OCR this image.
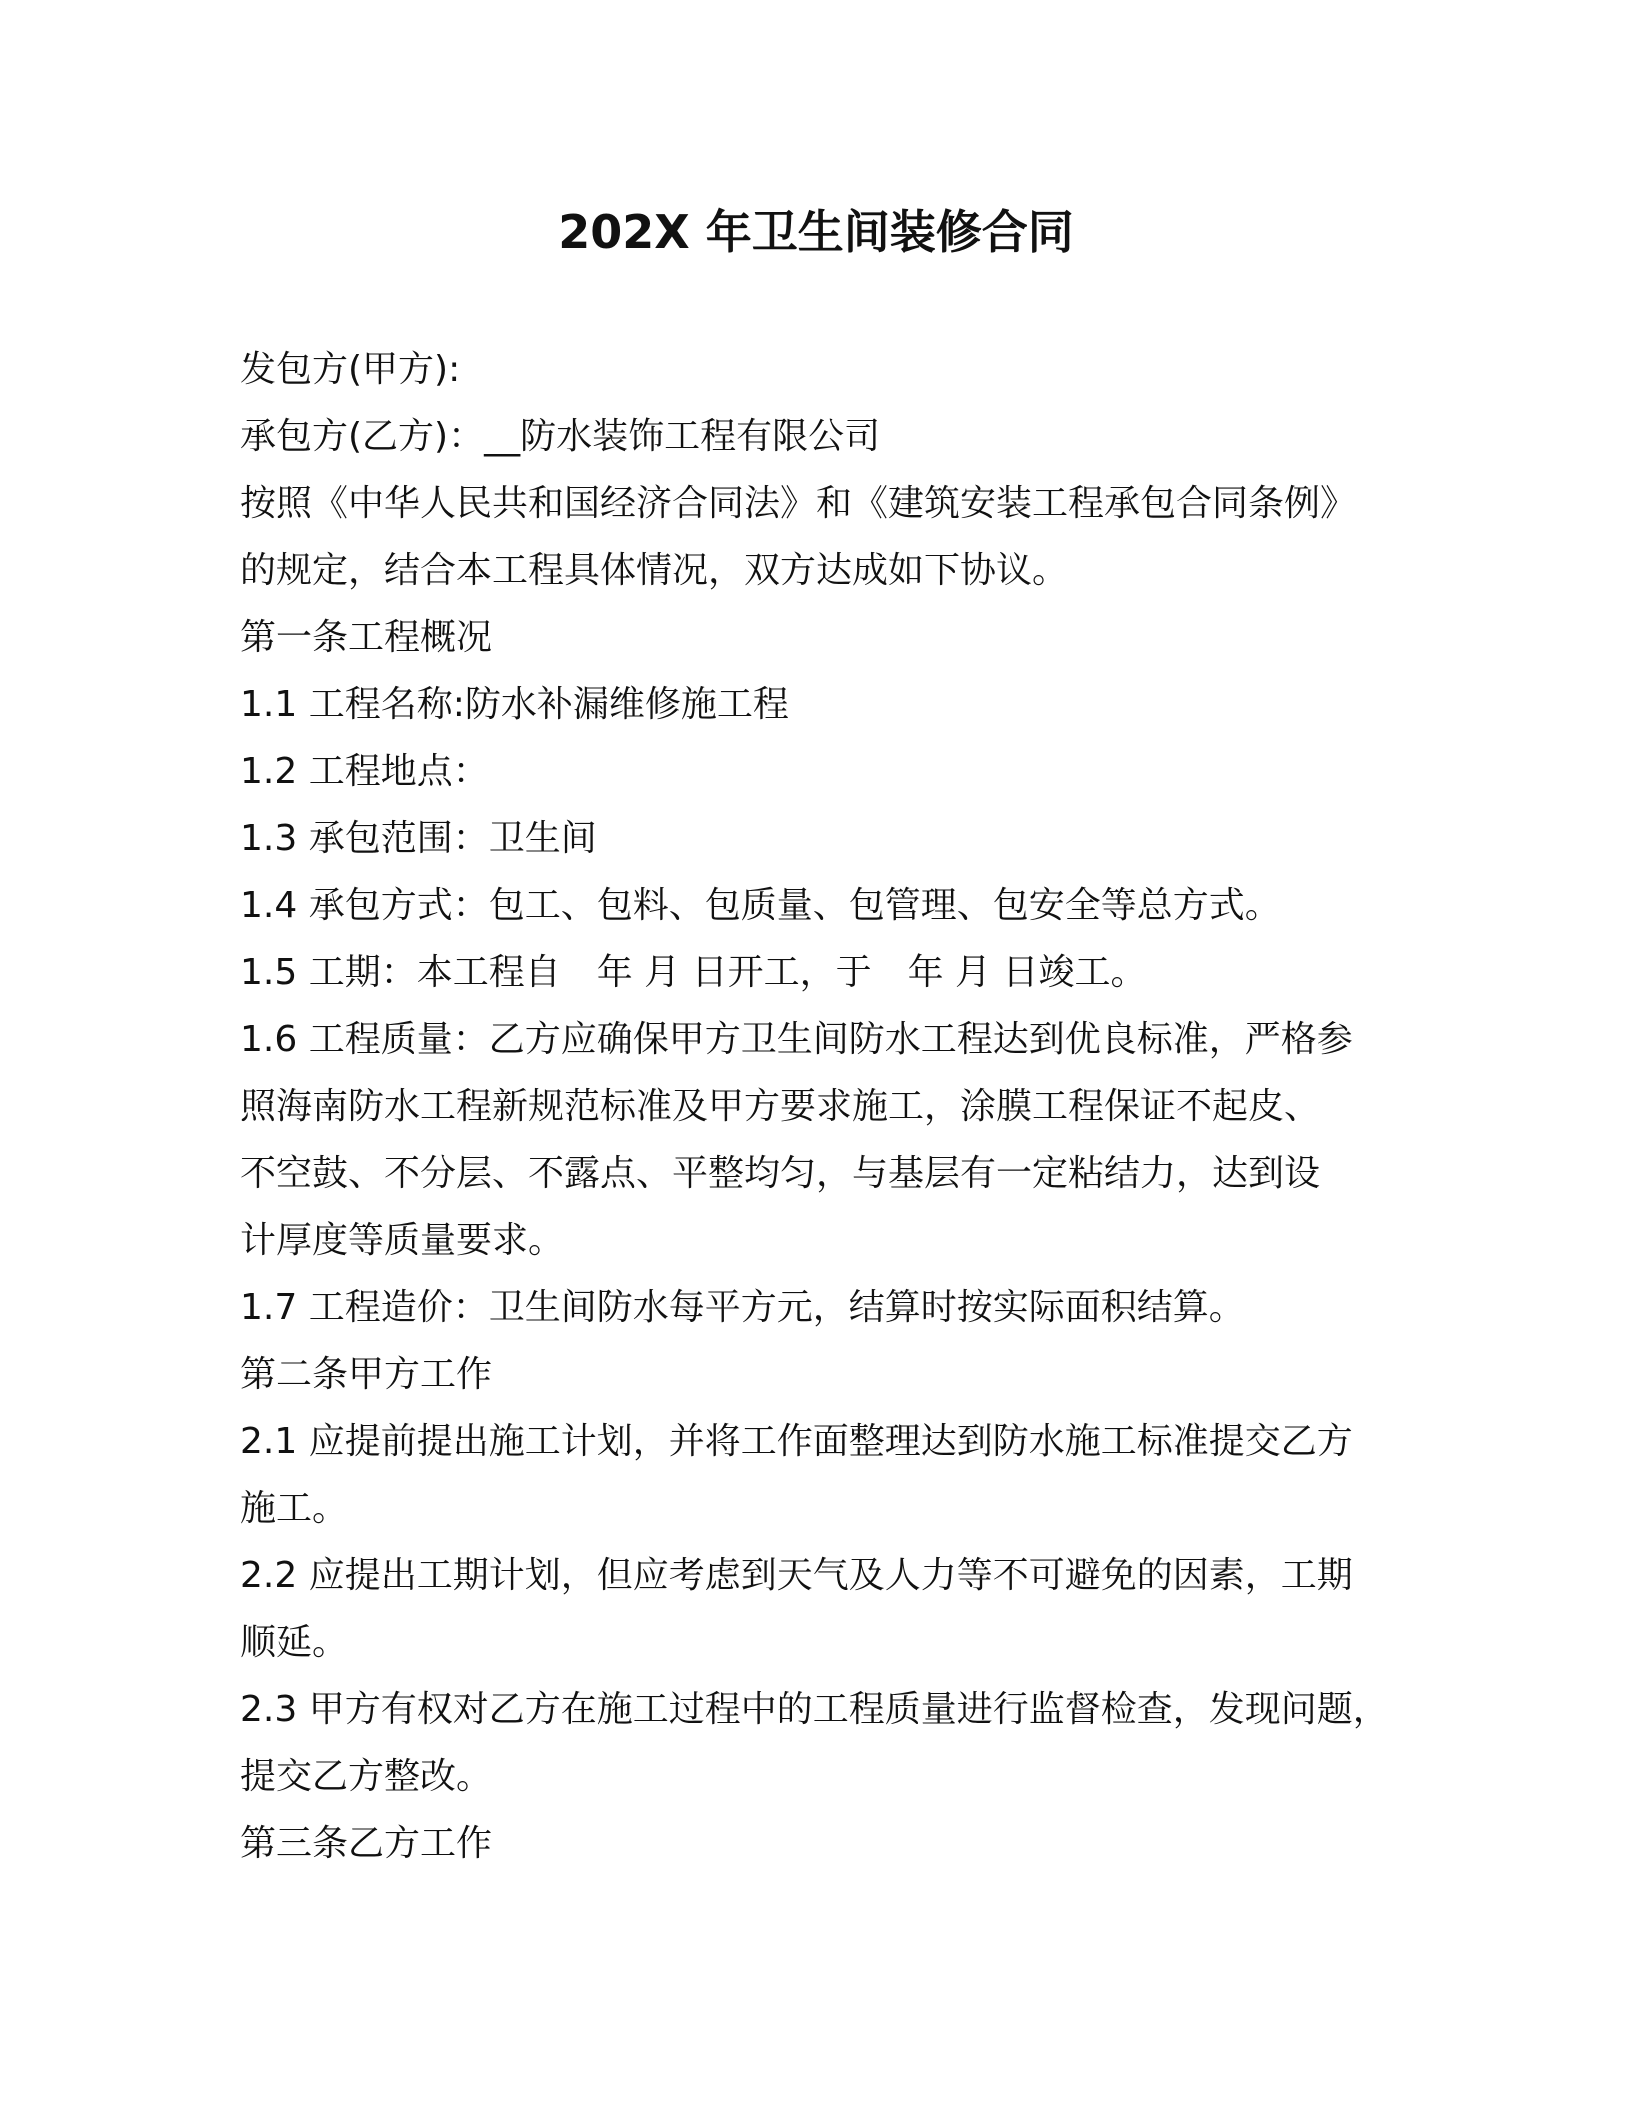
202X 年卫生间装修合同
发包方(甲方):
承包方(乙方)：__防水装饰工程有限公司
按照《中华人民共和国经济合同法》和《建筑安装工程承包合同条例》
的规定，结合本工程具体情况，双方达成如下协议。
第一条工程概况
1.1 工程名称:防水补漏维修施工程
1.2 工程地点：
1.3 承包范围：卫生间
1.4 承包方式：包工、包料、包质量、包管理、包安全等总方式。
1.5 工期：本工程自　年 月 日开工，于　年 月 日竣工。
1.6 工程质量：乙方应确保甲方卫生间防水工程达到优良标准，严格参
照海南防水工程新规范标准及甲方要求施工，涂膜工程保证不起皮、
不空鼓、不分层、不露点、平整均匀，与基层有一定粘结力，达到设
计厚度等质量要求。
1.7 工程造价：卫生间防水每平方元，结算时按实际面积结算。
第二条甲方工作
2.1 应提前提出施工计划，并将工作面整理达到防水施工标准提交乙方
施工。
2.2 应提出工期计划，但应考虑到天气及人力等不可避免的因素，工期
顺延。
2.3 甲方有权对乙方在施工过程中的工程质量进行监督检查，发现问题，
提交乙方整改。
第三条乙方工作
